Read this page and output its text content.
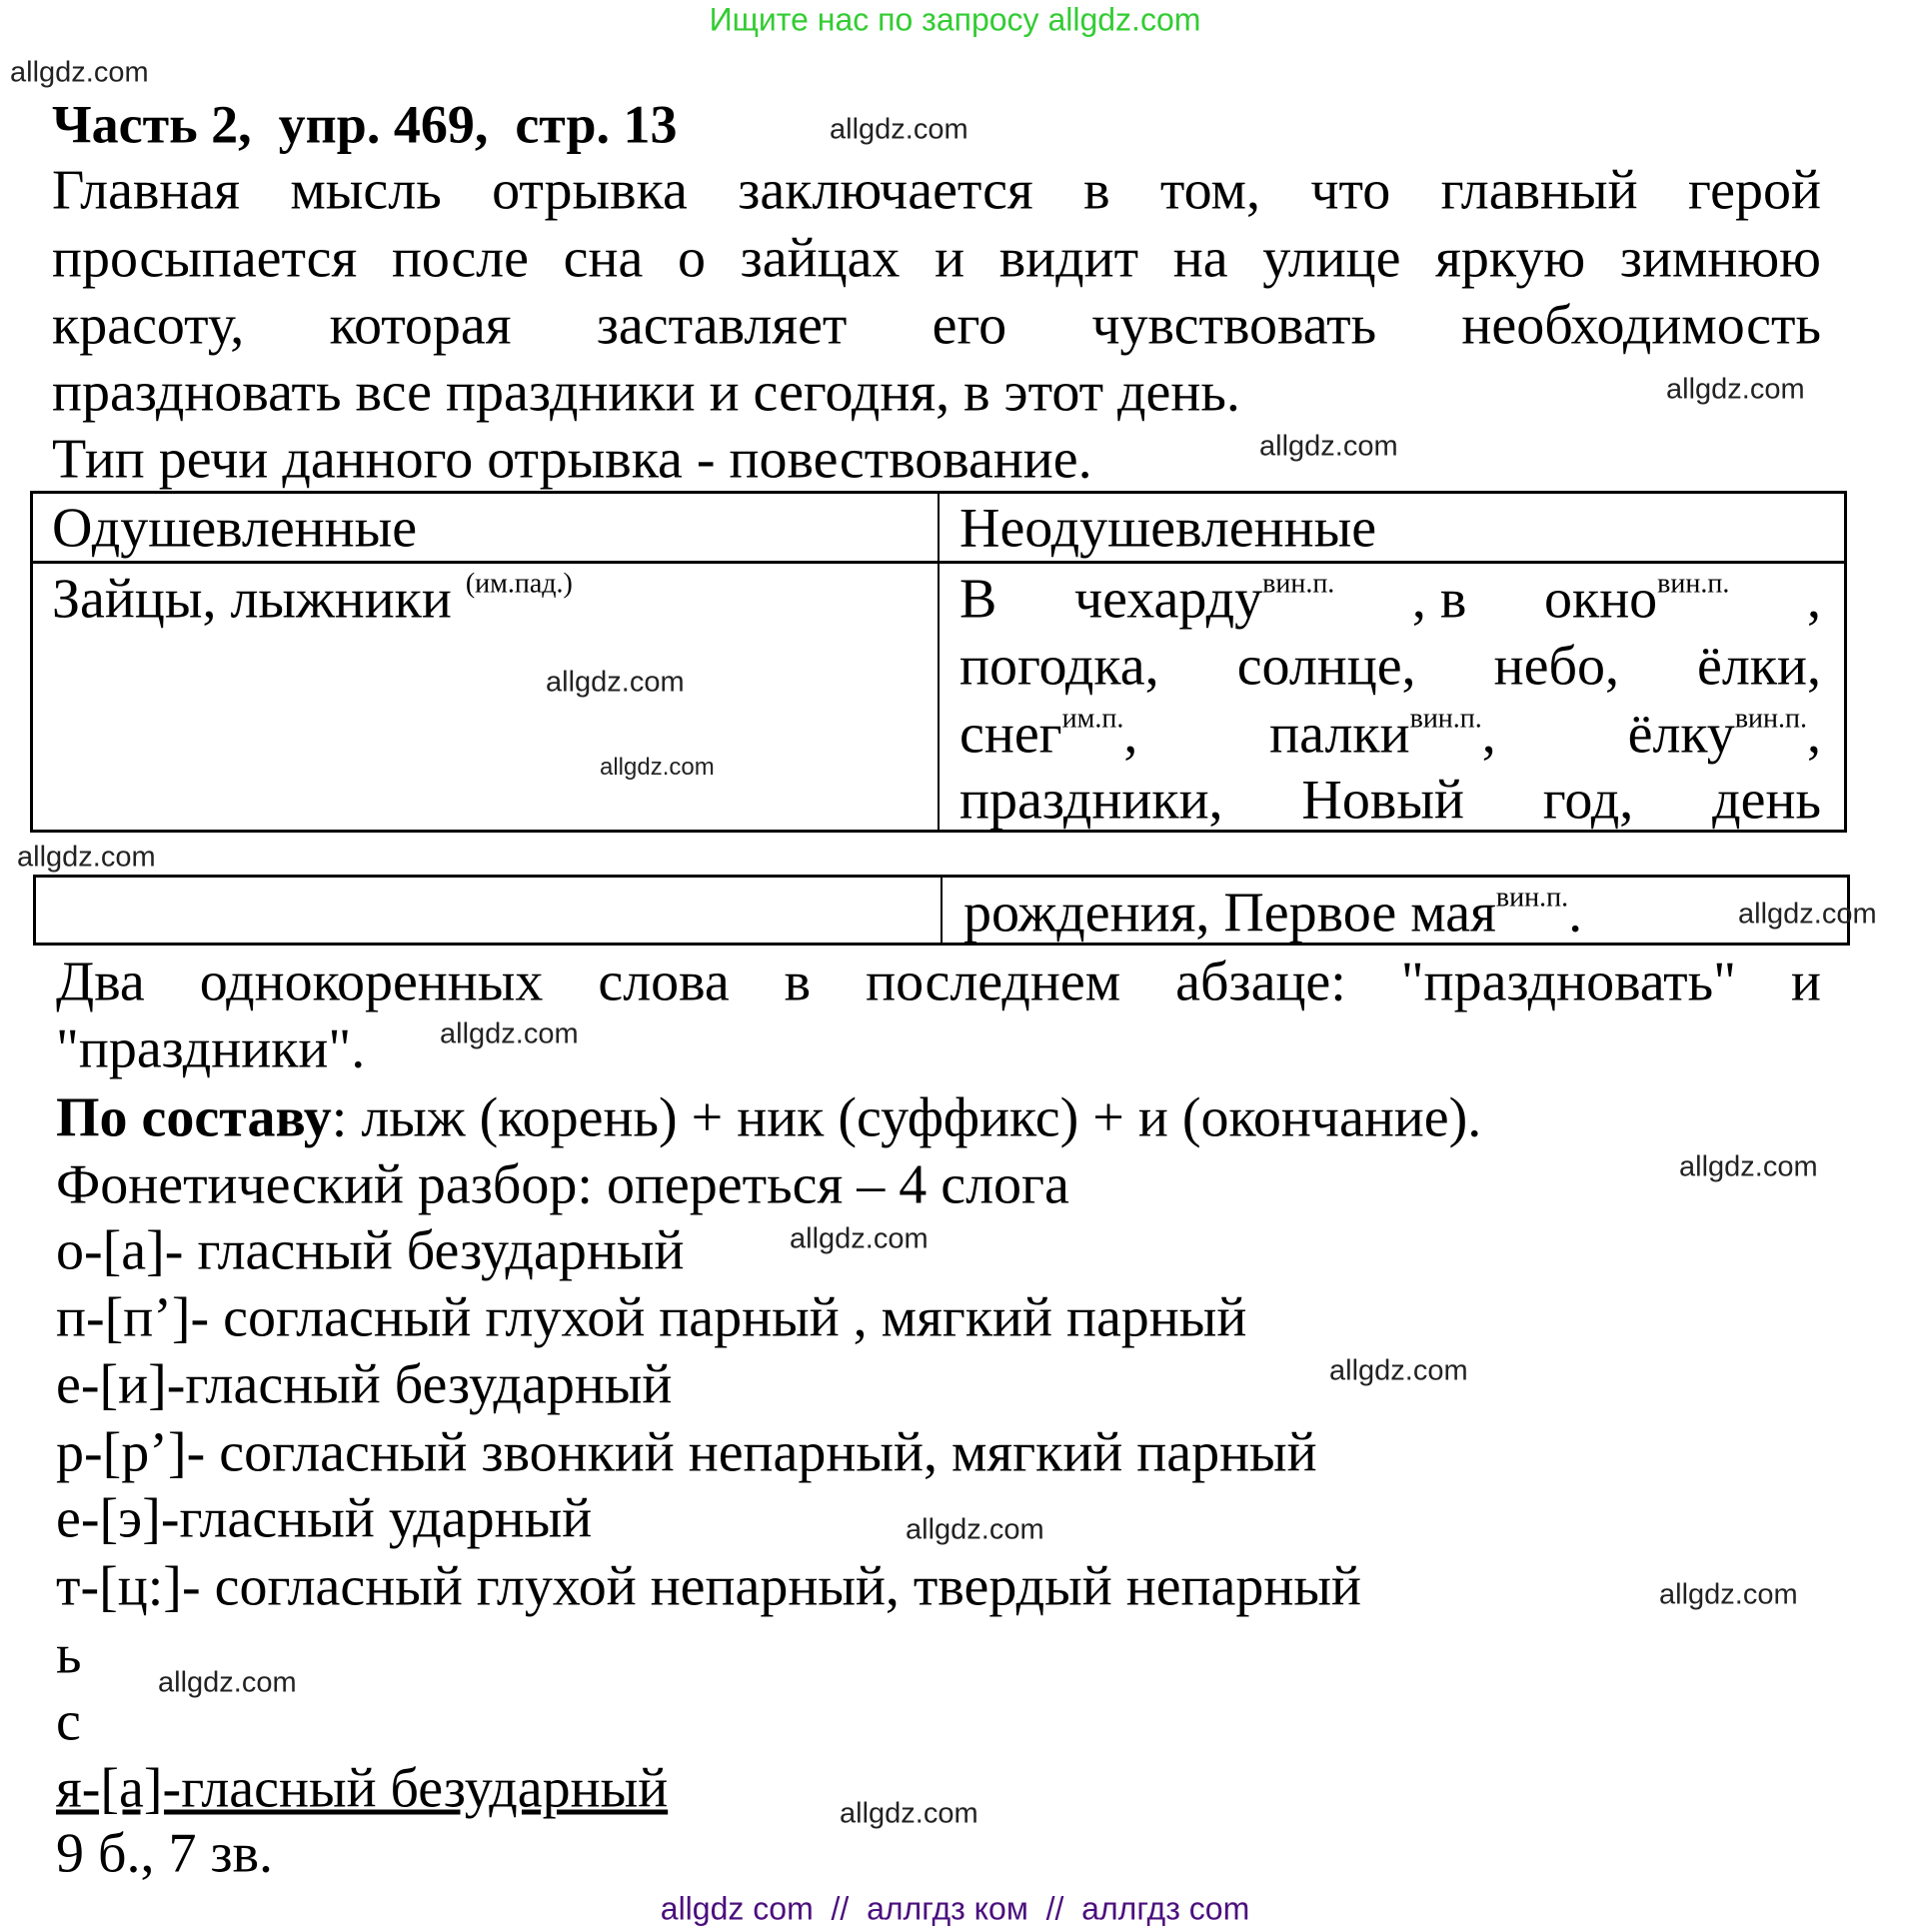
Ищите нас по запросу allgdz.com
Часть 2,  упр. 469,  стр. 13
Главная мысль отрывка заключается в том, что главный герой
просыпается после сна о зайцах и видит на улице яркую зимнюю
красоту, которая заставляет его чувствовать необходимость
праздновать все праздники и сегодня, в этот день.
Тип речи данного отрывка - повествование.
Одушевленные	Неодушевленные
Зайцы, лыжники $^{(им.пад.)}$	В чехарду$^{вин.п.}$ , в окно$^{вин.п.}$ ,
погодка, солнце, небо, ёлки,
снег$^{им.п.}$, палки$^{вин.п.}$, ёлку$^{вин.п.}$,
праздники, Новый год, день
рождения, Первое мая$^{вин.п.}$.
Два однокоренных слова в последнем абзаце: "праздновать" и
"праздники".
По составу: лыж (корень) + ник (суффикс) + и (окончание).
Фонетический разбор: опереться – 4 слога
о-[а]- гласный безударный
п-[п’]- согласный глухой парный , мягкий парный
е-[и]-гласный безударный
р-[р’]- согласный звонкий непарный, мягкий парный
е-[э]-гласный ударный
т-[ц:]- согласный глухой непарный, твердый непарный
ь
с
я-[а]-гласный безударный
9 б., 7 зв.
allgdz.com
allgdz.com
allgdz.com
allgdz.com
allgdz.com
allgdz.com
allgdz.com
allgdz.com
allgdz.com
allgdz.com
allgdz.com
allgdz.com
allgdz.com
allgdz.com
allgdz.com
allgdz.com
allgdz com  //  аллгдз ком  //  аллгдз com
